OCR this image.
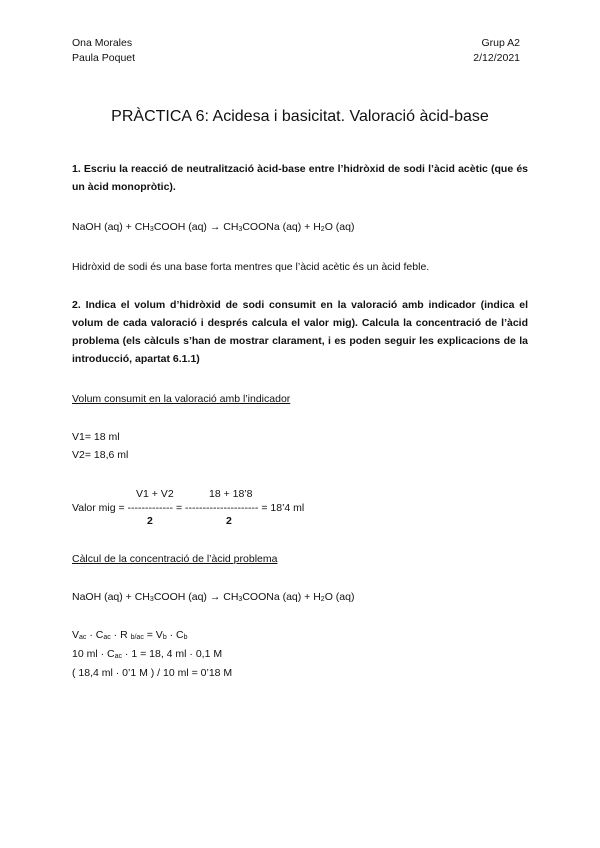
Ona Morales
Paula Poquet
Grup A2
2/12/2021
PRÀCTICA 6: Acidesa i basicitat. Valoració àcid-base
1. Escriu la reacció de neutralització àcid-base entre l’hidròxid de sodi l’àcid acètic (que és un àcid monopròtic).
NaOH $(aq) + CH_3COOH$ $(aq) \to CH_3COONa$ $(aq) + H_2O$ (aq)
Hidròxid de sodi és una base forta mentres que l’àcid acètic és un àcid feble.
2. Indica el volum d’hidròxid de sodi consumit en la valoració amb indicador (indica el volum de cada valoració i després calcula el valor mig). Calcula la concentració de l’àcid problema (els càlculs s’han de mostrar clarament, i es poden seguir les explicacions de la introducció, apartat 6.1.1)
Volum consumit en la valoració amb l’indicador
V1= 18 ml
V2= 18,6 ml
V1 + V2	18 + 18’8
Valor mig = ------------- = --------------------- = 18’4 ml
2	2
Càlcul de la concentració de l’àcid problema
NaOH $(aq) + CH_3COOH$ $(aq) \to CH_3COONa$ $(aq) + H_2O$ (aq)
$V_{ac} \cdot C_{ac} \cdot R$ $_{b/ac} = V_b \cdot C_b$
10 ml · $C_{ac} \cdot 1 = 18$, 4 ml · 0,1 M
( 18,4 ml · 0’1 M ) / 10 ml = 0’18 M
